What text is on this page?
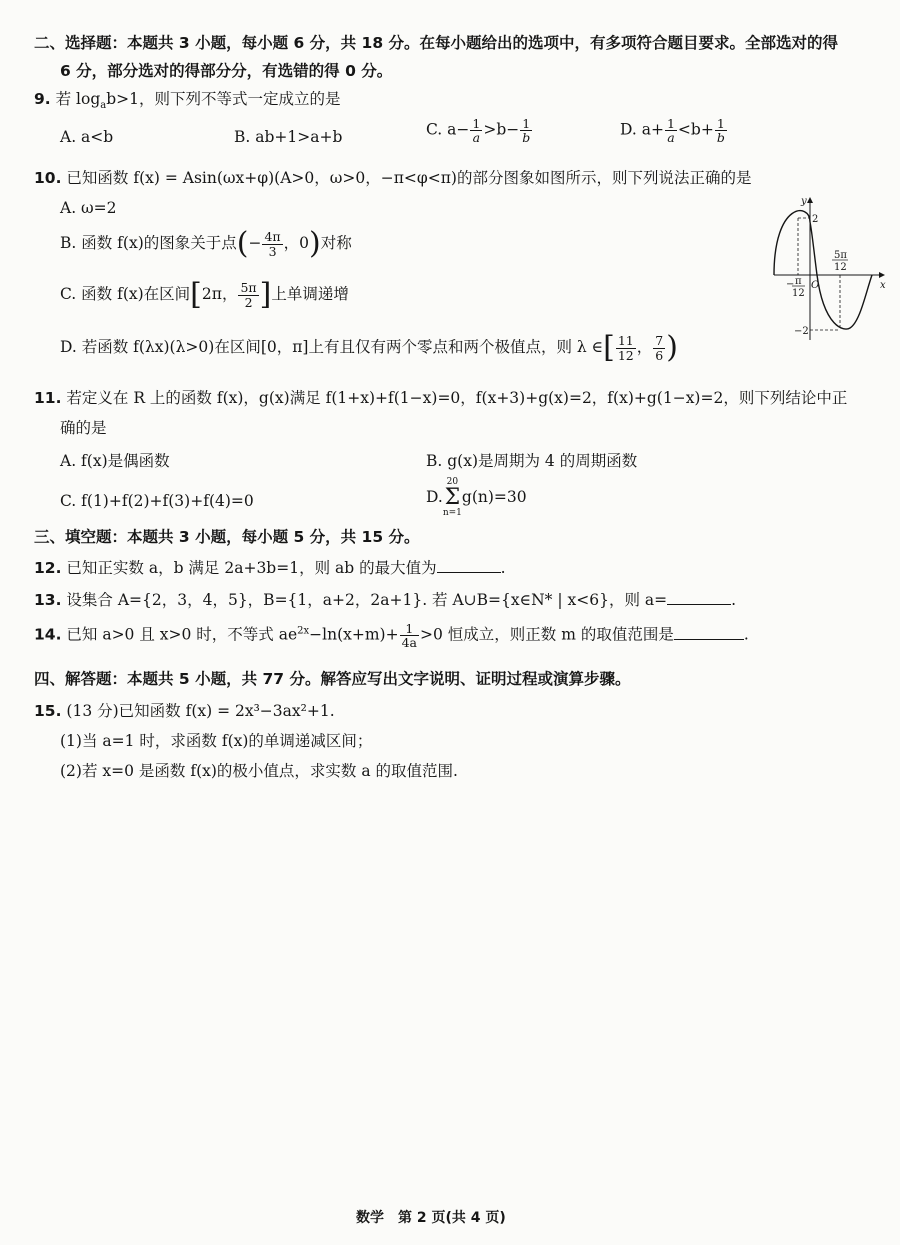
二、选择题：本题共 3 小题，每小题 6 分，共 18 分。在每小题给出的选项中，有多项符合题目要求。全部选对的得
6 分，部分选对的得部分分，有选错的得 0 分。
9. 若 $\log_ab>1$，则下列不等式一定成立的是
A. a<b	B. ab+1>a+b	C. $a- \frac{1}{a} >b- \frac{1}{b}$	D. $a+ \frac{1}{a} <b+ \frac{1}{b}$
10. 已知函数 f(x) = Asin(ωx+φ)(A>0，ω>0，−π<φ<π)的部分图象如图所示，则下列说法正确的是
A. ω=2
B. 函数 f(x)的图象关于点(− $\frac{4\pi}{3}$ ，0)对称
C. 函数 f(x)在区间[2π， $\frac{5\pi}{2}$ ]上单调递增
D. 若函数 f(λx)(λ>0)在区间[0，π]上有且仅有两个零点和两个极值点，则 λ ∈[ $\frac{11}{12}$ ， $\frac{7}{6}$ )
y
x
O
2
−2
− π
12
5π
12
11. 若定义在 R 上的函数 f(x)，g(x)满足 f(1+x)+f(1−x)=0，f(x+3)+g(x)=2，f(x)+g(1−x)=2，则下列结论中正
确的是
A. f(x)是偶函数	B. g(x)是周期为 4 的周期函数
C. f(1)+f(2)+f(3)+f(4)=0	D.20
Σ
n=1g(n)=30
三、填空题：本题共 3 小题，每小题 5 分，共 15 分。
12. 已知正实数 a，b 满足 2a+3b=1，则 ab 的最大值为	.
13. 设集合 A={2，3，4，5}，B={1，a+2，2a+1}. 若 A∪B={x∈N* | x<6}，则 a=	.
14. 已知 a>0 且 x>0 时，不等式 $ae^{2x}-\ln(x+m)+ \frac{1}{4a} >0$ 恒成立，则正数 m 的取值范围是	.
四、解答题：本题共 5 小题，共 77 分。解答应写出文字说明、证明过程或演算步骤。
15. (13 分)已知函数 f(x) = 2x³−3ax²+1.
(1)当 a=1 时，求函数 f(x)的单调递减区间；
(2)若 x=0 是函数 f(x)的极小值点，求实数 a 的取值范围.
数学　第 2 页(共 4 页)
